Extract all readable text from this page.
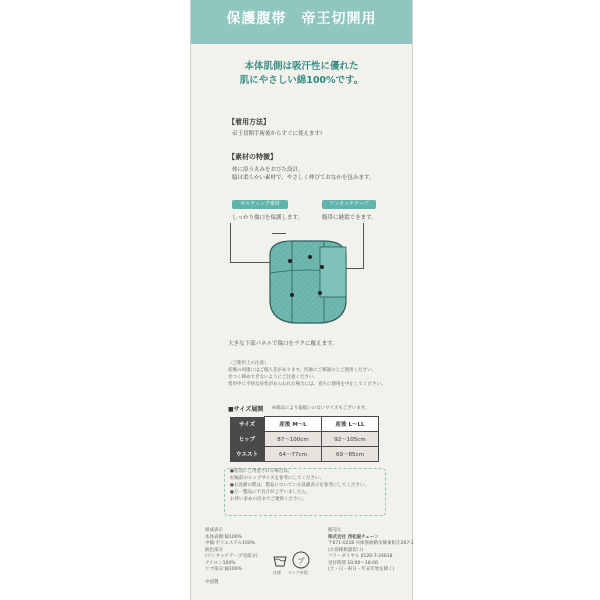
保護腹帯　帝王切開用
本体肌側は吸汗性に優れた
肌にやさしい綿100%です。
【着用方法】
帝王切開手術後からすぐに使えます!
【素材の特徴】
体に添う丸みをおびた設計。
脇は柔らかい素材で、やさしく伸びておなかを包みます。
キルティング素材
しっかり傷口を保護します。
ワンタッチテープ
腹帯に縫裂できます。
大きな下部パネルで傷口をラクに覆えます。
〈ご使用上の注意〉
産後の回復にはご個人差があります。医師にご相談の上ご使用ください。
きつく締めすぎないようにご注意ください。
着用中に不快な症状があらわれた場合には、直ちに使用を中止してください。
■サイズ展開 ※商品により取扱いのないサイズもございます。
サイズ	産後 M～L	産後 L～LL
ヒップ	87～100cm	92～105cm
ウエスト	64～77cm	69～85cm
●産前にご用意される場合は、
妊娠前のヒップサイズを参考にしてください。
●お洗濯の際は、製品についている洗濯表示を参考にしてください。
●万一製品に不具合がございましたら、
お買い求めの店までご連絡ください。
組成表示
本体表側:綿100%
中綿:ポリエステル100%
肌色部分
(ワンタッチテープ受部分)
ナイロン100%
リブ部分:綿100%

中国製
仕様
プ
ワック外袋
販売元
株式会社 西松屋チェーン
〒671-0218 兵庫県姫路市飾東町庄267-1
(お客様相談窓口)
フリーダイヤル 0120-7-24618
受付時間 10:00～18:00
(土・日・祝日・年末年始を除く)
